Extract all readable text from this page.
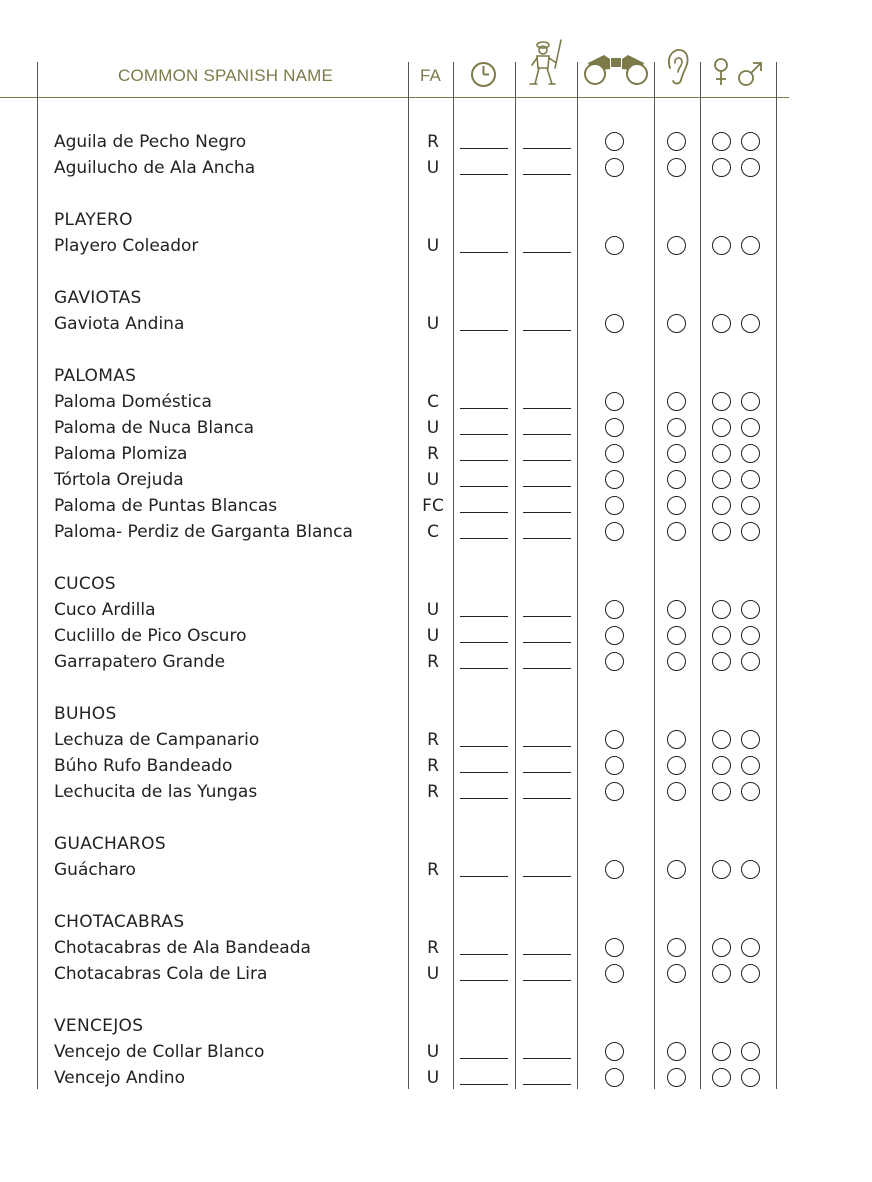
COMMON SPANISH NAME	FA
Aguila de Pecho Negro	R
Aguilucho de Ala Ancha	U
PLAYERO
Playero Coleador	U
GAVIOTAS
Gaviota Andina	U
PALOMAS
Paloma Doméstica	C
Paloma de Nuca Blanca	U
Paloma Plomiza	R
Tórtola Orejuda	U
Paloma de Puntas Blancas	FC
Paloma- Perdiz de Garganta Blanca	C
CUCOS
Cuco Ardilla	U
Cuclillo de Pico Oscuro	U
Garrapatero Grande	R
BUHOS
Lechuza de Campanario	R
Búho Rufo Bandeado	R
Lechucita de las Yungas	R
GUACHAROS
Guácharo	R
CHOTACABRAS
Chotacabras de Ala Bandeada	R
Chotacabras Cola de Lira	U
VENCEJOS
Vencejo de Collar Blanco	U
Vencejo Andino	U
